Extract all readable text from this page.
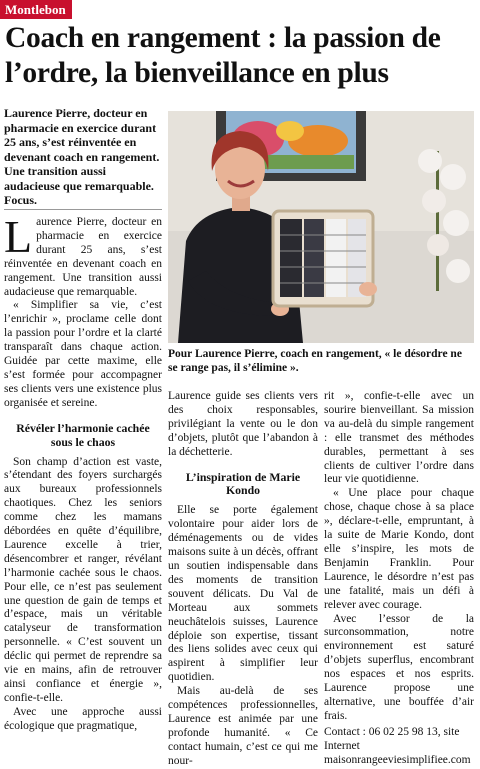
Montlebon
Coach en rangement : la passion de l’ordre, la bienveillance en plus
Laurence Pierre, docteur en pharmacie en exercice durant 25 ans, s’est réinventée en devenant coach en rangement. Une transition aussi audacieuse que remarquable. Focus.
Pour Laurence Pierre, coach en rangement, « le désordre ne se range pas, il s’élimine ».

Laurence Pierre, docteur en pharmacie en exercice durant 25 ans, s’est réinventée en devenant coach en rangement. Une transition aussi audacieuse que remarquable.

« Simplifier sa vie, c’est l’enrichir », proclame celle dont la passion pour l’ordre et la clarté transparaît dans chaque action. Guidée par cette maxime, elle s’est formée pour accompagner ses clients vers une existence plus organisée et sereine.

Révéler l’harmonie cachée sous le chaos

Son champ d’action est vaste, s’étendant des foyers surchargés aux bureaux professionnels chaotiques. Chez les seniors comme chez les mamans débordées en quête d’équilibre, Laurence excelle à trier, désencombrer et ranger, révélant l’harmonie cachée sous le chaos. Pour elle, ce n’est pas seulement une question de gain de temps et d’espace, mais un véritable catalyseur de transformation personnelle. « C’est souvent un déclic qui permet de reprendre sa vie en mains, afin de retrouver ainsi confiance et énergie », confie-t-elle.

Avec une approche aussi écologique que pragmatique,

Laurence guide ses clients vers des choix responsables, privilégiant la vente ou le don d’objets, plutôt que l’abandon à la déchetterie.

L’inspiration de Marie Kondo

Elle se porte également volontaire pour aider lors de déménagements ou de vides maisons suite à un décès, offrant un soutien indispensable dans des moments de transition souvent délicats. Du Val de Morteau aux sommets neuchâtelois suisses, Laurence déploie son expertise, tissant des liens solides avec ceux qui aspirent à simplifier leur quotidien.

Mais au-delà de ses compétences professionnelles, Laurence est animée par une profonde humanité. « Ce contact humain, c’est ce qui me nour-

rit », confie-t-elle avec un sourire bienveillant. Sa mission va au-delà du simple rangement : elle transmet des méthodes durables, permettant à ses clients de cultiver l’ordre dans leur vie quotidienne.

« Une place pour chaque chose, chaque chose à sa place », déclare-t-elle, empruntant, à la suite de Marie Kondo, dont elle s’inspire, les mots de Benjamin Franklin. Pour Laurence, le désordre n’est pas une fatalité, mais un défi à relever avec courage.

Avec l’essor de la surconsommation, notre environnement est saturé d’objets superflus, encombrant nos espaces et nos esprits. Laurence propose une alternative, une bouffée d’air frais.

Contact : 06 02 25 98 13, site Internet maisonrangeeviesimplifiee.com
